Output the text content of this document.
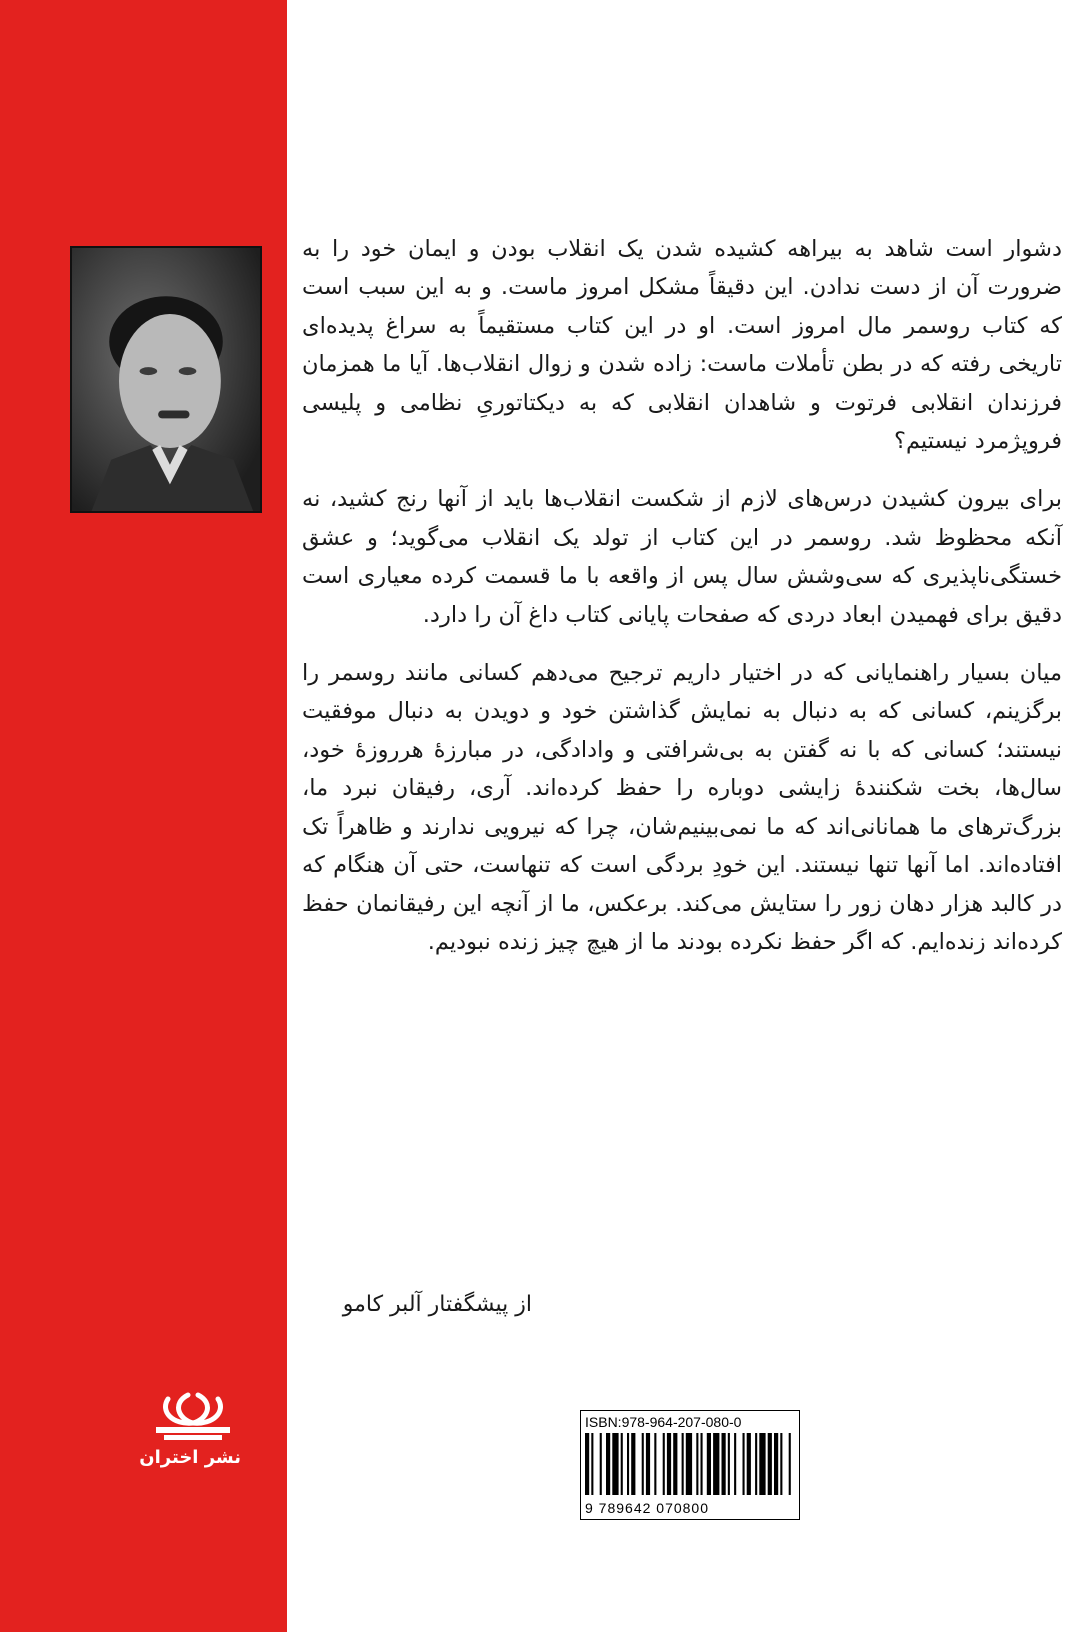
دشوار است شاهد به بیراهه کشیده شدن یک انقلاب بودن و ایمان خود را به ضرورت آن از دست ندادن. این دقیقاً مشکل امروز ماست. و به این سبب است که کتاب روسمر مال امروز است. او در این کتاب مستقیماً به سراغ پدیده‌ای تاریخی رفته که در بطن تأملات ماست: زاده شدن و زوال انقلاب‌ها. آیا ما همزمان فرزندان انقلابی فرتوت و شاهدان انقلابی که به دیکتاتوریِ نظامی و پلیسی فروپژمرد نیستیم؟

برای بیرون کشیدن درس‌های لازم از شکست انقلاب‌ها باید از آنها رنج کشید، نه آنکه محظوظ شد. روسمر در این کتاب از تولد یک انقلاب می‌گوید؛ و عشق خستگی‌ناپذیری که سی‌وشش سال پس از واقعه با ما قسمت کرده معیاری است دقیق برای فهمیدن ابعاد دردی که صفحات پایانی کتاب داغ آن را دارد.

میان بسیار راهنمایانی که در اختیار داریم ترجیح می‌دهم کسانی مانند روسمر را برگزینم، کسانی که به دنبال به نمایش گذاشتن خود و دویدن به دنبال موفقیت نیستند؛ کسانی که با نه گفتن به بی‌شرافتی و وادادگی، در مبارزهٔ هرروزهٔ خود، سال‌ها، بخت شکنندهٔ زایشی دوباره را حفظ کرده‌اند. آری، رفیقان نبرد ما، بزرگ‌ترهای ما همانانی‌اند که ما نمی‌بینیم‌شان، چرا که نیرویی ندارند و ظاهراً تک افتاده‌اند. اما آنها تنها نیستند. این خودِ بردگی است که تنهاست، حتی آن هنگام که در کالبد هزار دهان زور را ستایش می‌کند. برعکس، ما از آنچه این رفیقانمان حفظ کرده‌اند زنده‌ایم. که اگر حفظ نکرده بودند ما از هیچ چیز زنده نبودیم.

از پیشگفتار آلبر کامو
نشر اختران
ISBN:978-964-207-080-0
9 789642 070800
